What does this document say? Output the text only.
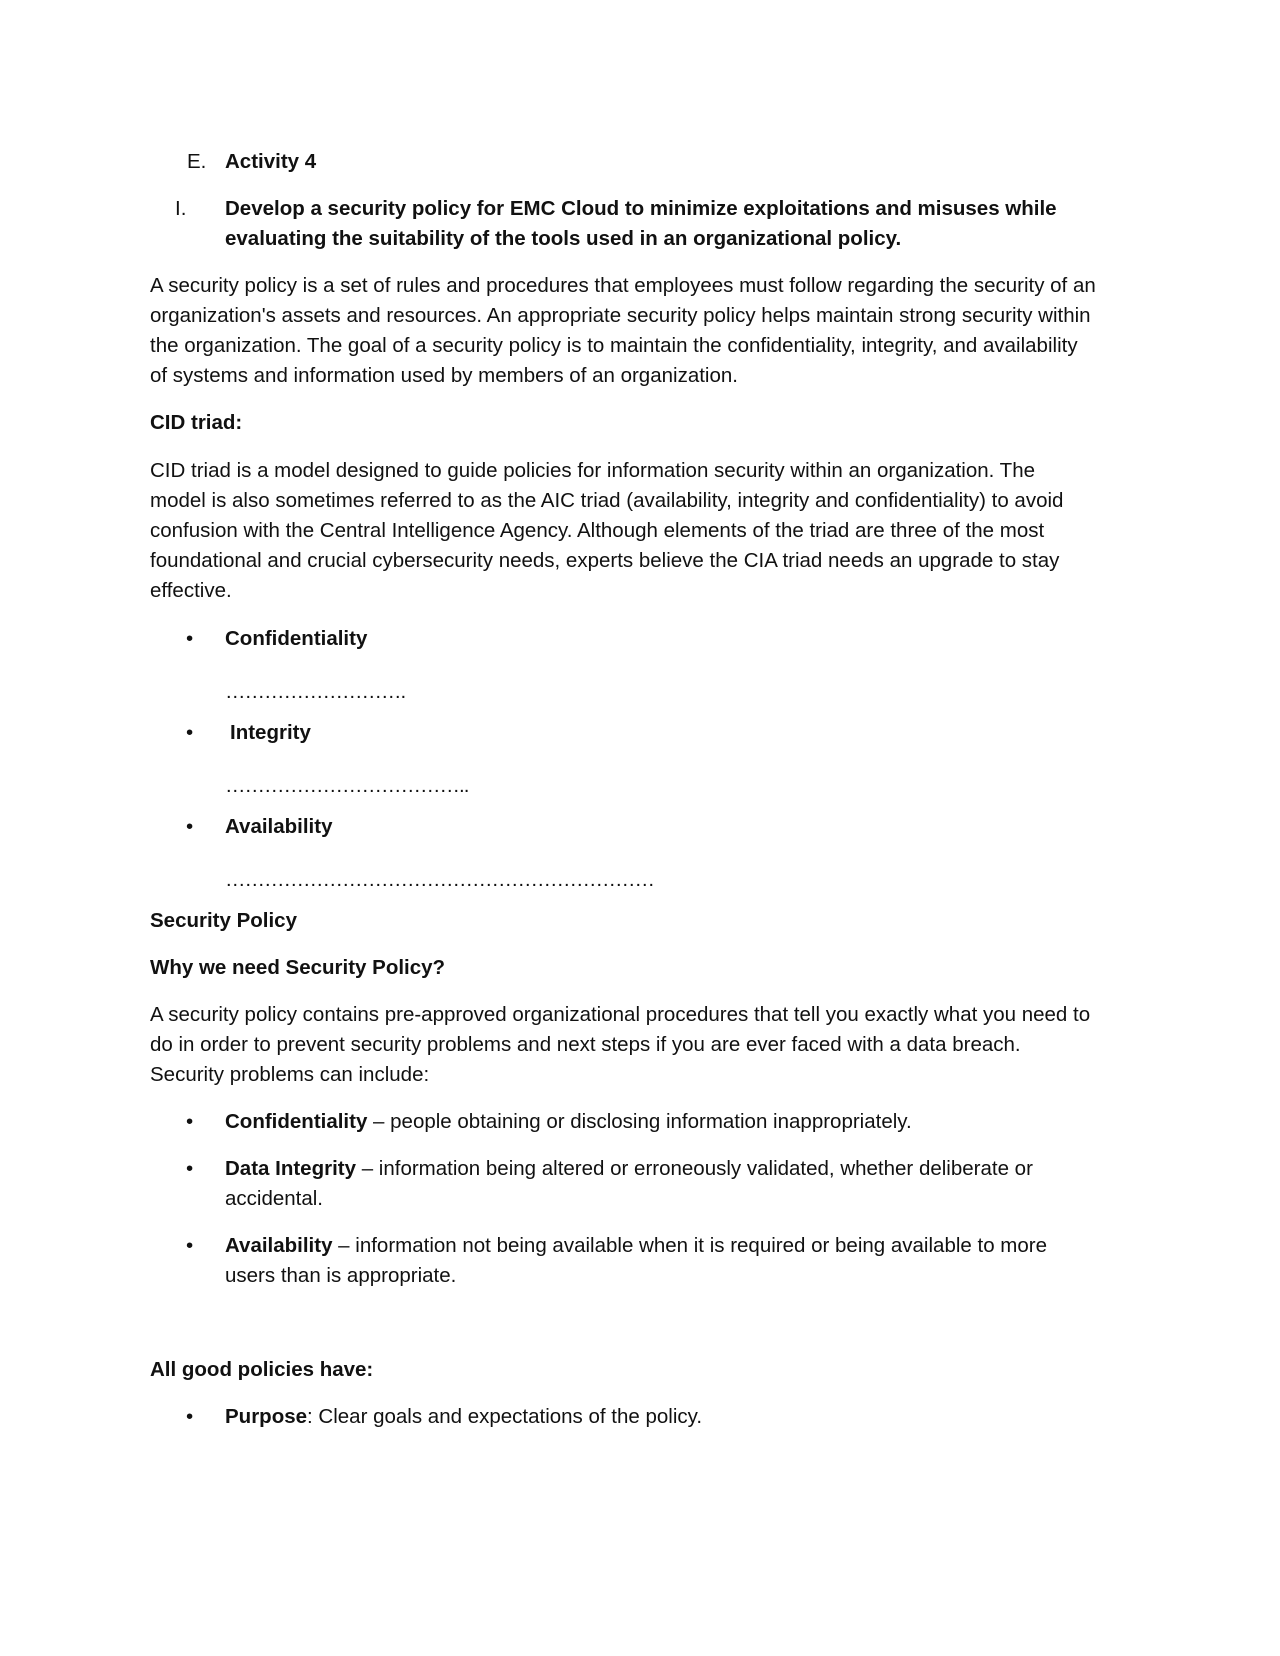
E. Activity 4
I. Develop a security policy for EMC Cloud to minimize exploitations and misuses while

evaluating the suitability of the tools used in an organizational policy.

A security policy is a set of rules and procedures that employees must follow regarding the security of an

organization's assets and resources. An appropriate security policy helps maintain strong security within

the organization. The goal of a security policy is to maintain the confidentiality, integrity, and availability

of systems and information used by members of an organization.

CID triad:

CID triad is a model designed to guide policies for information security within an organization. The

model is also sometimes referred to as the AIC triad (availability, integrity and confidentiality) to avoid

confusion with the Central Intelligence Agency. Although elements of the triad are three of the most

foundational and crucial cybersecurity needs, experts believe the CIA triad needs an upgrade to stay

effective.

• Confidentiality
……………………….
• Integrity
………………………………..
• Availability
…………………………………………………………

Security Policy

Why we need Security Policy?

A security policy contains pre-approved organizational procedures that tell you exactly what you need to

do in order to prevent security problems and next steps if you are ever faced with a data breach.

Security problems can include:

• Confidentiality – people obtaining or disclosing information inappropriately.

• Data Integrity – information being altered or erroneously validated, whether deliberate or

accidental.

• Availability – information not being available when it is required or being available to more

users than is appropriate.

All good policies have:

• Purpose: Clear goals and expectations of the policy.
